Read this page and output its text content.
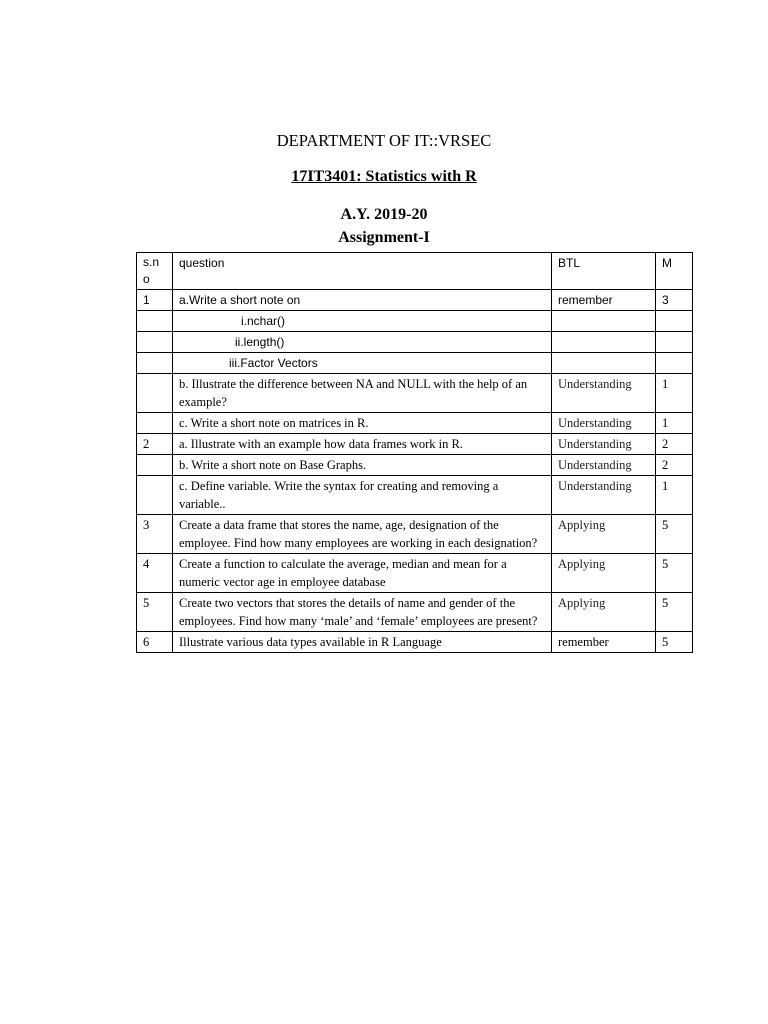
DEPARTMENT OF IT::VRSEC
17IT3401: Statistics with R
A.Y. 2019-20
Assignment-I
s.n
o	question	BTL	M
1	a.Write a short note on	remember	3
	i.nchar()		
	ii.length()		
	iii.Factor Vectors		
	b. Illustrate the difference between NA and NULL with the help of an example?	Understanding	1
	c. Write a short note on matrices in R.	Understanding	1
2	a. Illustrate with an example how data frames work in R.	Understanding	2
	b. Write a short note on Base Graphs.	Understanding	2
	c. Define variable. Write the syntax for creating and removing a variable..	Understanding	1
3	Create a data frame that stores the name, age, designation of the employee. Find how many employees are working in each designation?	Applying	5
4	Create a function to calculate the average, median and mean for a numeric vector age in employee database	Applying	5
5	Create two vectors that stores the details of name and gender of the employees. Find how many ‘male’ and ‘female’ employees are present?	Applying	5
6	Illustrate various data types available in R Language	remember	5
